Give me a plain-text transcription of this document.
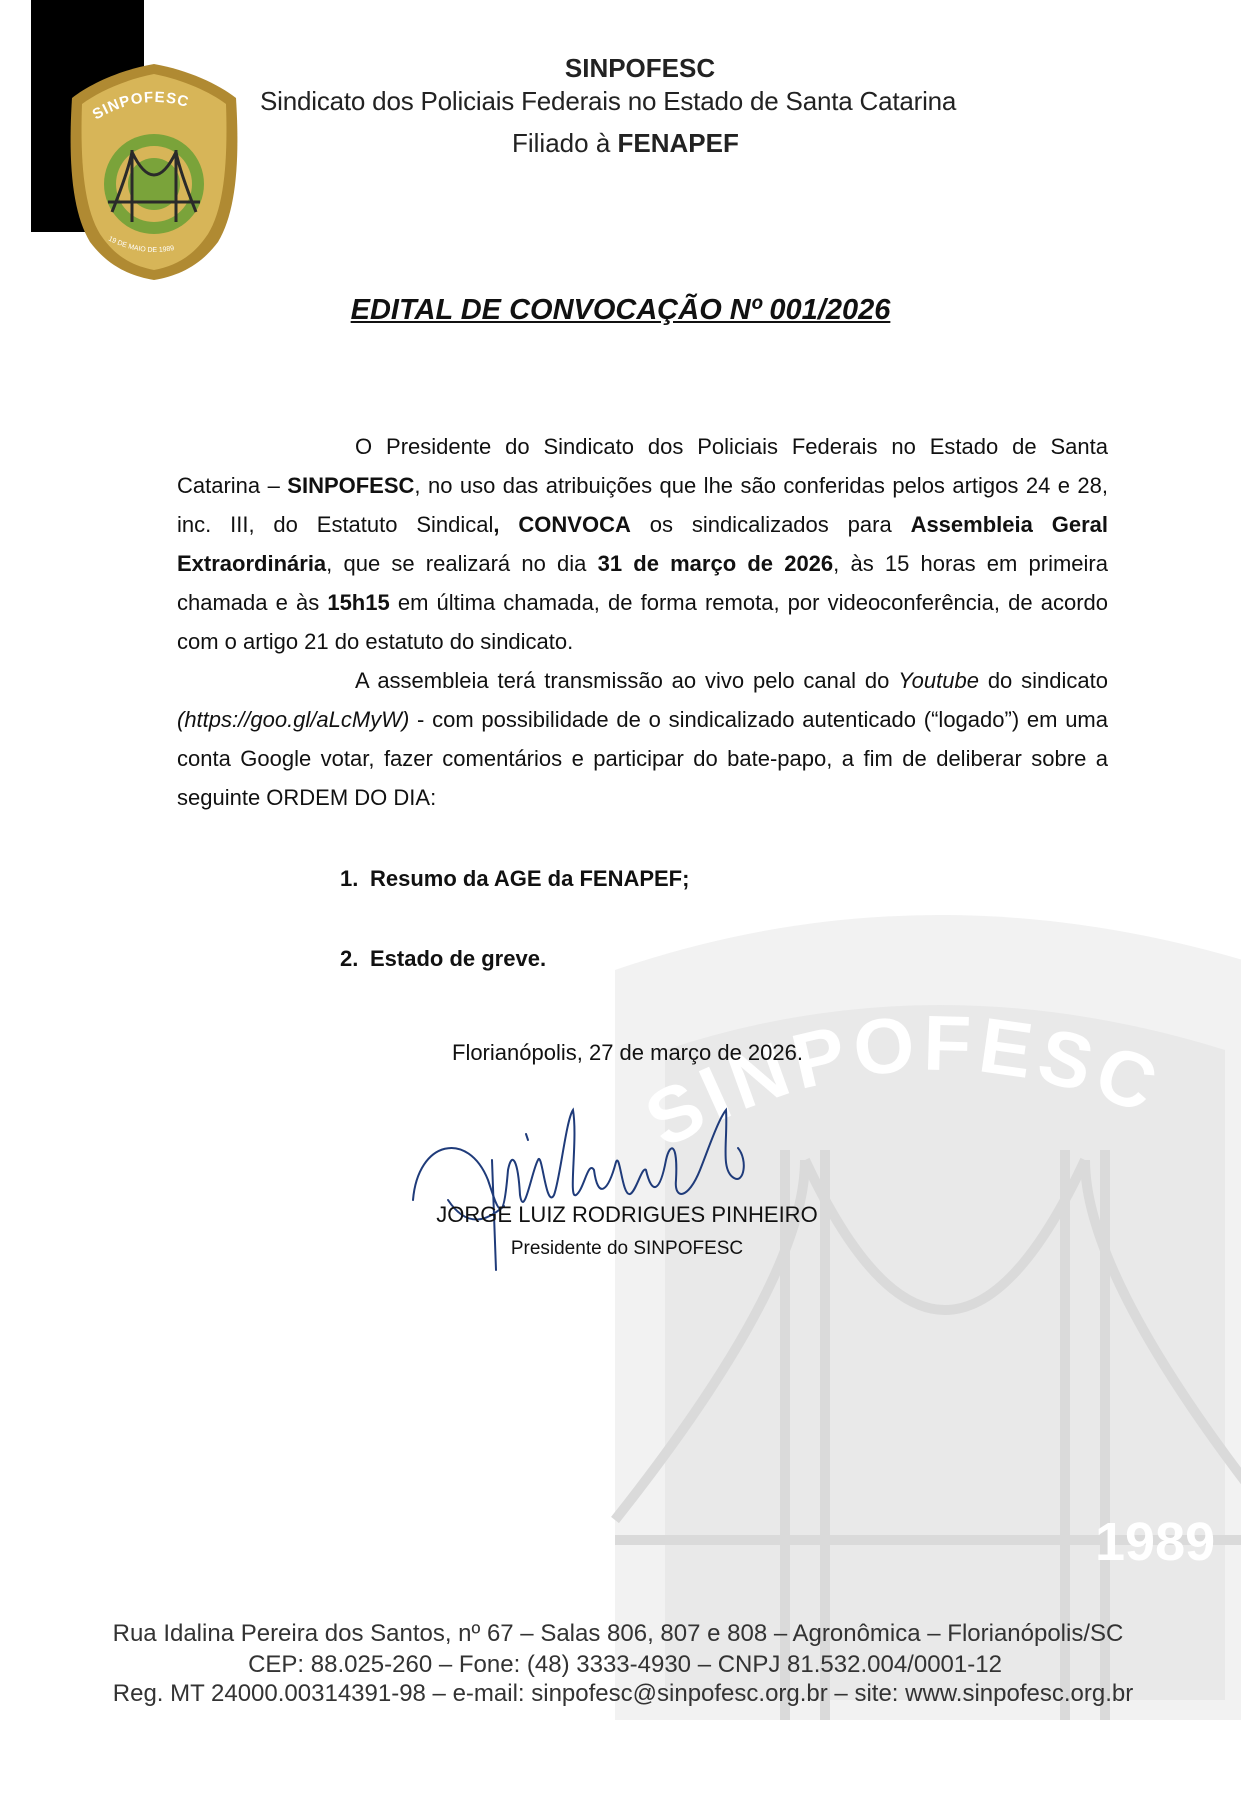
SINPOFESC
1989
SINPOFESC
19 DE MAIO DE 1989
SINPOFESC
Sindicato dos Policiais Federais no Estado de Santa Catarina
Filiado à FENAPEF
EDITAL DE CONVOCAÇÃO Nº 001/2026
O Presidente do Sindicato dos Policiais Federais no Estado de Santa Catarina – SINPOFESC, no uso das atribuições que lhe são conferidas pelos artigos 24 e 28, inc. III, do Estatuto Sindical, CONVOCA os sindicalizados para Assembleia Geral Extraordinária, que se realizará no dia 31 de março de 2026, às 15 horas em primeira chamada e às 15h15 em última chamada, de forma remota, por videoconferência, de acordo com o artigo 21 do estatuto do sindicato.
A assembleia terá transmissão ao vivo pelo canal do Youtube do sindicato (https://goo.gl/aLcMyW) - com possibilidade de o sindicalizado autenticado (“logado”) em uma conta Google votar, fazer comentários e participar do bate-papo, a fim de deliberar sobre a seguinte ORDEM DO DIA:
1. Resumo da AGE da FENAPEF;
2. Estado de greve.
Florianópolis, 27 de março de 2026.
JORGE LUIZ RODRIGUES PINHEIRO
Presidente do SINPOFESC
Rua Idalina Pereira dos Santos, nº 67 – Salas 806, 807 e 808 – Agronômica – Florianópolis/SC
CEP: 88.025-260 – Fone: (48) 3333-4930 – CNPJ 81.532.004/0001-12
Reg. MT 24000.00314391-98 – e-mail: sinpofesc@sinpofesc.org.br – site: www.sinpofesc.org.br
